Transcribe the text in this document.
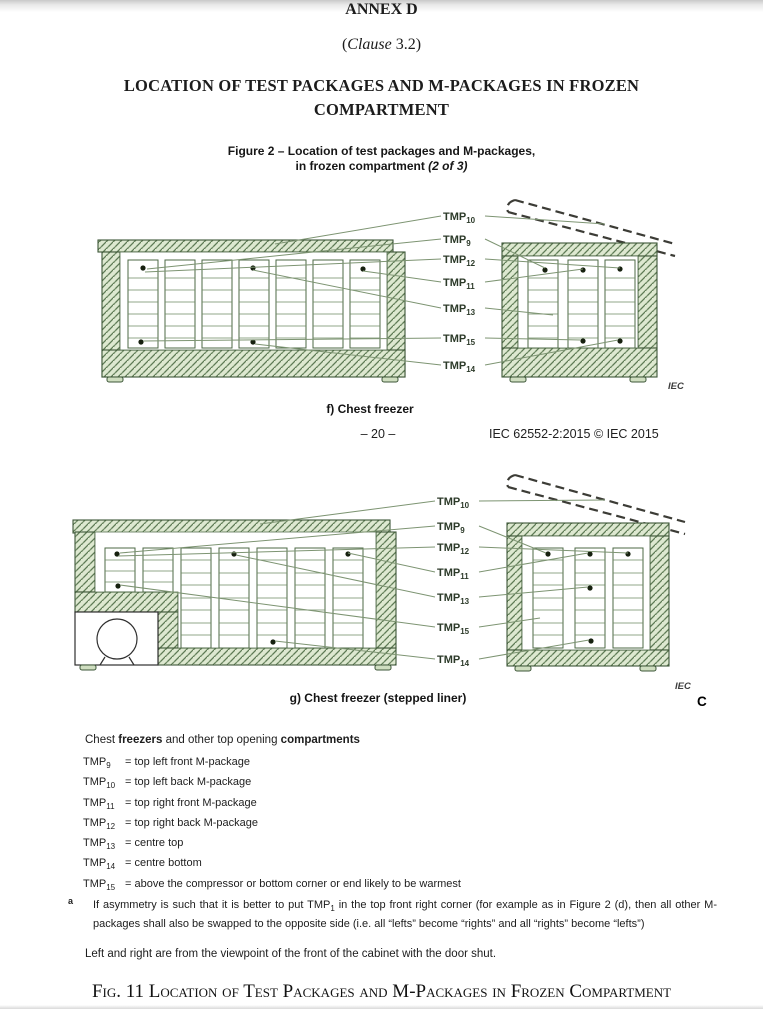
ANNEX D
(Clause 3.2)
LOCATION OF TEST PACKAGES AND M-PACKAGES IN FROZEN
COMPARTMENT
Figure 2 – Location of test packages and M-packages,
in frozen compartment (2 of 3)
$TMP_{10}$
$TMP_9$
$TMP_{12}$
$TMP_{11}$
$TMP_{13}$
$TMP_{15}$
$TMP_{14}$
IEC
f) Chest freezer
– 20 –	IEC 62552-2:2015 © IEC 2015
$TMP_{10}$
$TMP_9$
$TMP_{12}$
$TMP_{11}$
$TMP_{13}$
$TMP_{15}$
$TMP_{14}$
IEC
g) Chest freezer (stepped liner)	C
Chest freezers and other top opening compartments
$TMP_9$ = top left front M-package
$TMP_{10}$ = top left back M-package
$TMP_{11}$ = top right front M-package
$TMP_{12}$ = top right back M-package
$TMP_{13}$ = centre top
$TMP_{14}$ = centre bottom
$TMP_{15}$ = above the compressor or bottom corner or end likely to be warmest
a If asymmetry is such that it is better to put $TMP_1$ in the top front right corner (for example as in Figure 2 (d), then all other M-packages shall also be swapped to the opposite side (i.e. all “lefts” become “rights” and all “rights” become “lefts”)
Left and right are from the viewpoint of the front of the cabinet with the door shut.
Fig. 11 Location of Test Packages and M-Packages in Frozen Compartment
